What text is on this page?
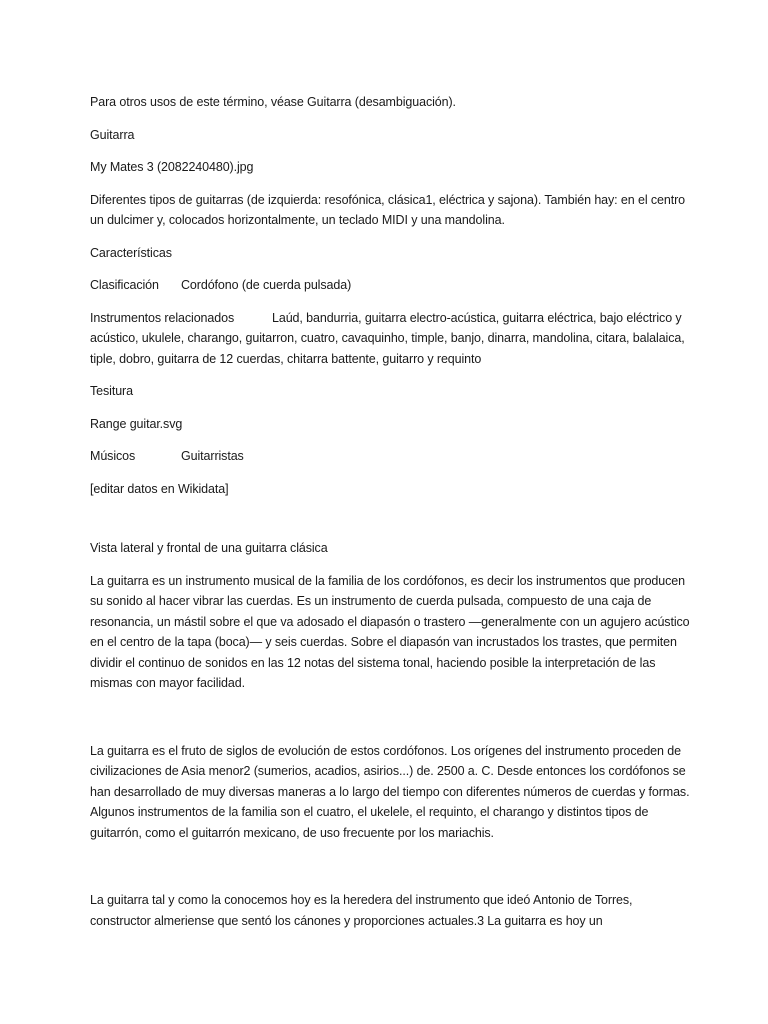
Para otros usos de este término, véase Guitarra (desambiguación).

Guitarra

My Mates 3 (2082240480).jpg

Diferentes tipos de guitarras (de izquierda: resofónica, clásica1, eléctrica y sajona). También hay: en el centro un dulcimer y, colocados horizontalmente, un teclado MIDI y una mandolina.

Características

Clasificación Cordófono (de cuerda pulsada)

Instrumentos relacionados	Laúd, bandurria, guitarra electro-acústica, guitarra eléctrica, bajo eléctrico y acústico, ukulele, charango, guitarron, cuatro, cavaquinho, timple, banjo, dinarra, mandolina, citara, balalaica, tiple, dobro, guitarra de 12 cuerdas, chitarra battente, guitarro y requinto

Tesitura

Range guitar.svg

Músicos	Guitarristas

[editar datos en Wikidata]

Vista lateral y frontal de una guitarra clásica

La guitarra es un instrumento musical de la familia de los cordófonos, es decir los instrumentos que producen su sonido al hacer vibrar las cuerdas. Es un instrumento de cuerda pulsada, compuesto de una caja de resonancia, un mástil sobre el que va adosado el diapasón o trastero —generalmente con un agujero acústico en el centro de la tapa (boca)— y seis cuerdas. Sobre el diapasón van incrustados los trastes, que permiten dividir el continuo de sonidos en las 12 notas del sistema tonal, haciendo posible la interpretación de las mismas con mayor facilidad.

La guitarra es el fruto de siglos de evolución de estos cordófonos. Los orígenes del instrumento proceden de civilizaciones de Asia menor2 (sumerios, acadios, asirios...) de. 2500 a. C. Desde entonces los cordófonos se han desarrollado de muy diversas maneras a lo largo del tiempo con diferentes números de cuerdas y formas. Algunos instrumentos de la familia son el cuatro, el ukelele, el requinto, el charango y distintos tipos de guitarrón, como el guitarrón mexicano, de uso frecuente por los mariachis.

La guitarra tal y como la conocemos hoy es la heredera del instrumento que ideó Antonio de Torres, constructor almeriense que sentó los cánones y proporciones actuales.3 La guitarra es hoy un
